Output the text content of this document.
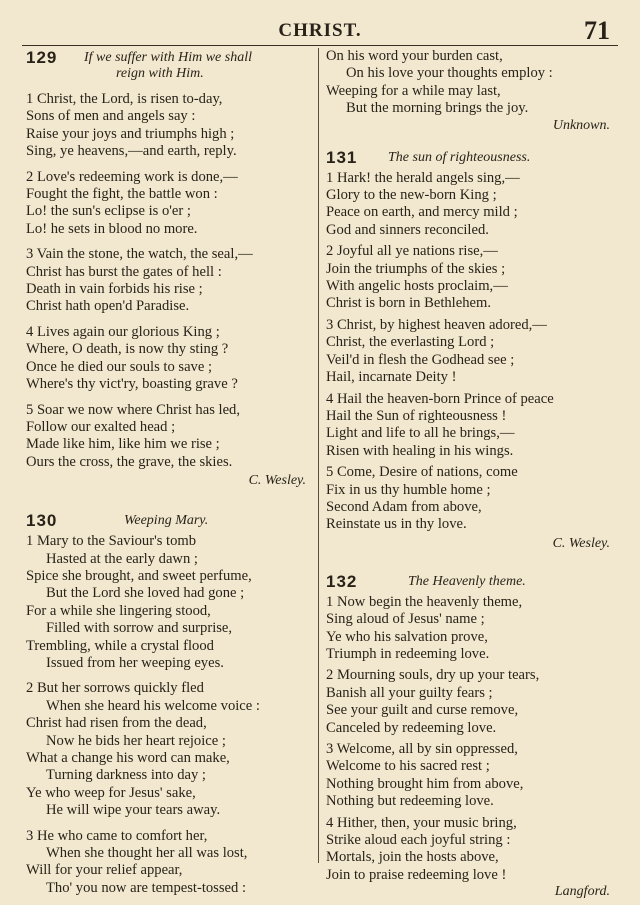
CHRIST.	71
129 If we suffer with Him we shall
reign with Him.
1 Christ, the Lord, is risen to-day,
Sons of men and angels say :
Raise your joys and triumphs high ;
Sing, ye heavens,—and earth, reply.
2 Love's redeeming work is done,—
Fought the fight, the battle won :
Lo! the sun's eclipse is o'er ;
Lo! he sets in blood no more.
3 Vain the stone, the watch, the seal,—
Christ has burst the gates of hell :
Death in vain forbids his rise ;
Christ hath open'd Paradise.
4 Lives again our glorious King ;
Where, O death, is now thy sting ?
Once he died our souls to save ;
Where's thy vict'ry, boasting grave ?
5 Soar we now where Christ has led,
Follow our exalted head ;
Made like him, like him we rise ;
Ours the cross, the grave, the skies.
C. Wesley.
130	Weeping Mary.
1 Mary to the Saviour's tomb
Hasted at the early dawn ;
Spice she brought, and sweet perfume,
But the Lord she loved had gone ;
For a while she lingering stood,
Filled with sorrow and surprise,
Trembling, while a crystal flood
Issued from her weeping eyes.
2 But her sorrows quickly fled
When she heard his welcome voice :
Christ had risen from the dead,
Now he bids her heart rejoice ;
What a change his word can make,
Turning darkness into day ;
Ye who weep for Jesus' sake,
He will wipe your tears away.
3 He who came to comfort her,
When she thought her all was lost,
Will for your relief appear,
Tho' you now are tempest-tossed :
On his word your burden cast,
On his love your thoughts employ :
Weeping for a while may last,
But the morning brings the joy.
Unknown.
131 The sun of righteousness.
1 Hark! the herald angels sing,—
Glory to the new-born King ;
Peace on earth, and mercy mild ;
God and sinners reconciled.
2 Joyful all ye nations rise,—
Join the triumphs of the skies ;
With angelic hosts proclaim,—
Christ is born in Bethlehem.
3 Christ, by highest heaven adored,—
Christ, the everlasting Lord ;
Veil'd in flesh the Godhead see ;
Hail, incarnate Deity !
4 Hail the heaven-born Prince of peace
Hail the Sun of righteousness !
Light and life to all he brings,—
Risen with healing in his wings.
5 Come, Desire of nations, come
Fix in us thy humble home ;
Second Adam from above,
Reinstate us in thy love.
C. Wesley.
132	The Heavenly theme.
1 Now begin the heavenly theme,
Sing aloud of Jesus' name ;
Ye who his salvation prove,
Triumph in redeeming love.
2 Mourning souls, dry up your tears,
Banish all your guilty fears ;
See your guilt and curse remove,
Canceled by redeeming love.
3 Welcome, all by sin oppressed,
Welcome to his sacred rest ;
Nothing brought him from above,
Nothing but redeeming love.
4 Hither, then, your music bring,
Strike aloud each joyful string :
Mortals, join the hosts above,
Join to praise redeeming love !
Langford.
